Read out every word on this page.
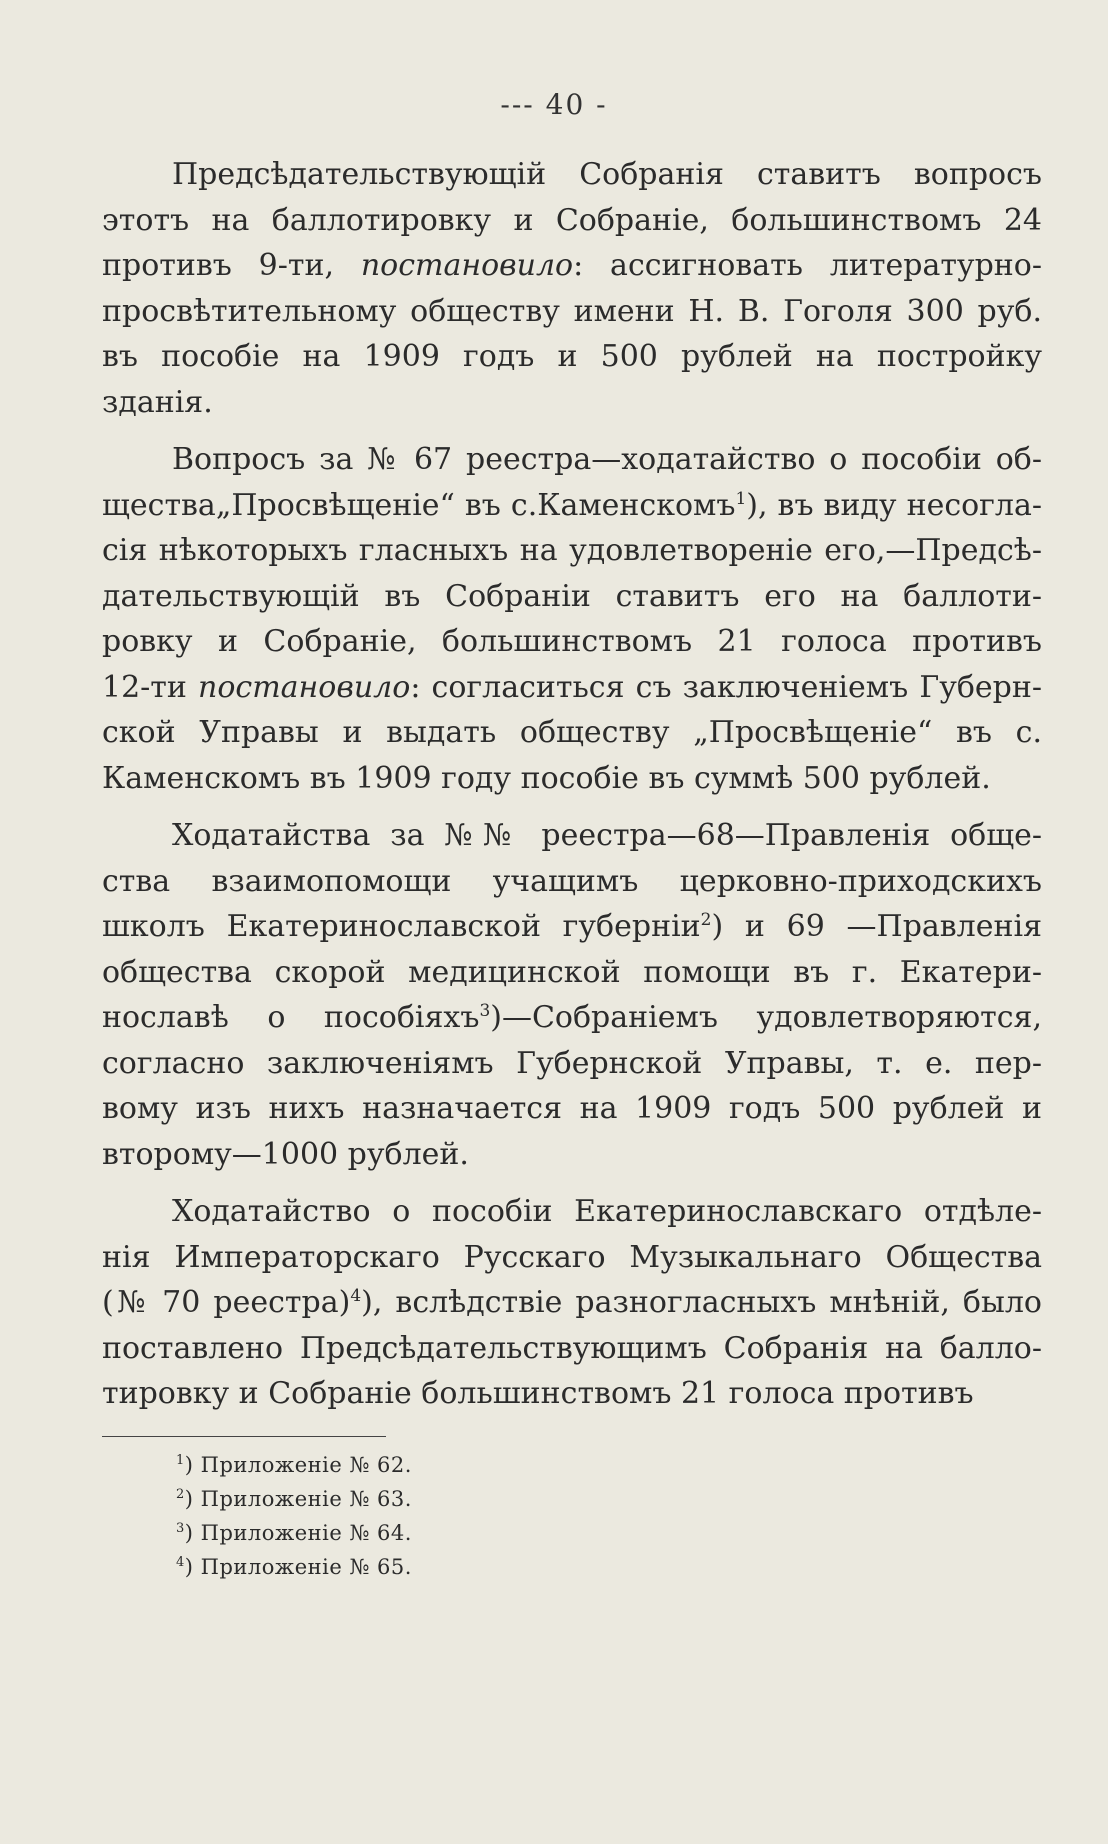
--- 40 -
Предсѣдательствующій Собранія ставитъ вопросъ
этотъ на баллотировку и Собраніе, большинствомъ 24
противъ 9-ти, постановило: ассигновать литературно-
просвѣтительному обществу имени Н. В. Гоголя 300 руб.
въ пособіе на 1909 годъ и 500 рублей на постройку
зданія.
Вопросъ за № 67 реестра—ходатайство о пособіи об-
щества„Просвѣщеніе“ въ с.Каменскомъ$^1$), въ виду несогла-
сія нѣкоторыхъ гласныхъ на удовлетвореніе его,—Предсѣ-
дательствующій въ Собраніи ставитъ его на баллоти-
ровку и Собраніе, большинствомъ 21 голоса противъ
12-ти постановило: согласиться съ заключеніемъ Губерн-
ской Управы и выдать обществу „Просвѣщеніе“ въ с.
Каменскомъ въ 1909 году пособіе въ суммѣ 500 рублей.
Ходатайства за №№ реестра—68—Правленія обще-
ства взаимопомощи учащимъ церковно-приходскихъ
школъ Екатеринославской губерніи$^2$) и 69 —Правленія
общества скорой медицинской помощи въ г. Екатери-
нославѣ о пособіяхъ$^3$)—Собраніемъ удовлетворяются,
согласно заключеніямъ Губернской Управы, т. е. пер-
вому изъ нихъ назначается на 1909 годъ 500 рублей и
второму—1000 рублей.
Ходатайство о пособіи Екатеринославскаго отдѣле-
нія Императорскаго Русскаго Музыкальнаго Общества
(№ 70 реестра)$^4$), вслѣдствіе разногласныхъ мнѣній, было
поставлено Предсѣдательствующимъ Собранія на балло-
тировку и Собраніе большинствомъ 21 голоса противъ
$^1$) Приложеніе № 62.
$^2$) Приложеніе № 63.
$^3$) Приложеніе № 64.
$^4$) Приложеніе № 65.
